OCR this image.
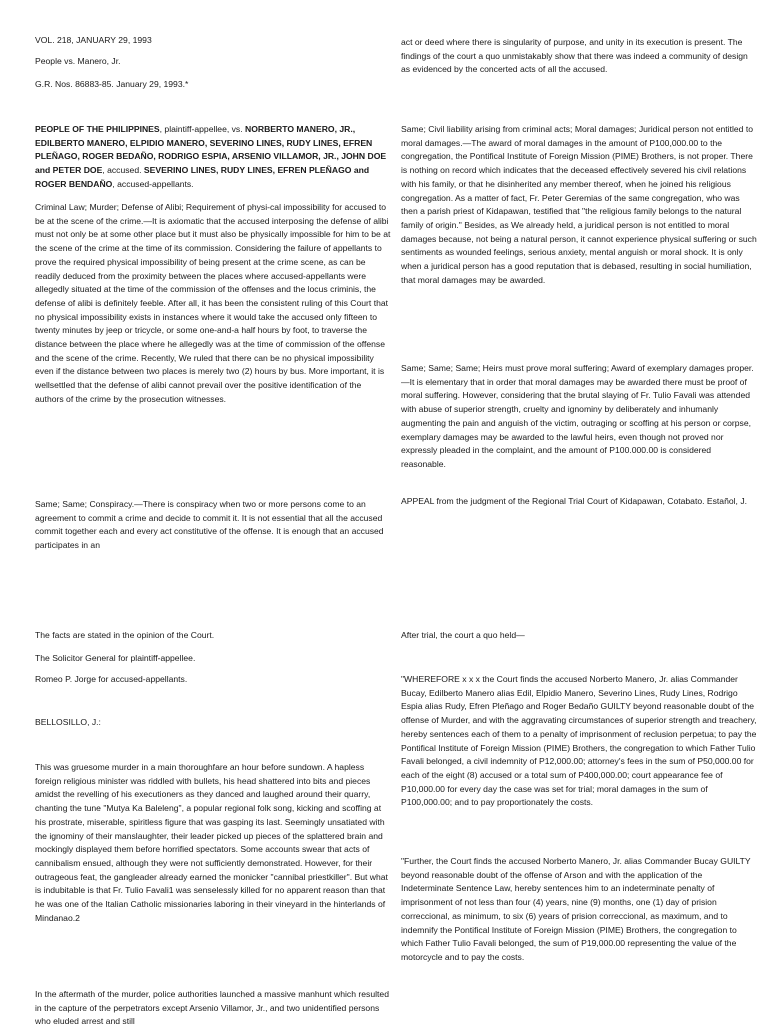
VOL. 218, JANUARY 29, 1993

People vs. Manero, Jr.

G.R. Nos. 86883-85. January 29, 1993.*

PEOPLE OF THE PHILIPPINES, plaintiff-appellee, vs. NORBERTO MANERO, JR., EDILBERTO MANERO, ELPIDIO MANERO, SEVERINO LINES, RUDY LINES, EFREN PLEÑAGO, ROGER BEDAÑO, RODRIGO ESPIA, ARSENIO VILLAMOR, JR., JOHN DOE and PETER DOE, accused. SEVERINO LINES, RUDY LINES, EFREN PLEÑAGO and ROGER BENDAÑO, accused-appellants.

Criminal Law; Murder; Defense of Alibi; Requirement of physi-cal impossibility for accused to be at the scene of the crime.—It is axiomatic that the accused interposing the defense of alibi must not only be at some other place but it must also be physically impossible for him to be at the scene of the crime at the time of its commission. Considering the failure of appellants to prove the required physical impossibility of being present at the crime scene, as can be readily deduced from the proximity between the places where accused-appellants were allegedly situated at the time of the commission of the offenses and the locus criminis, the defense of alibi is definitely feeble. After all, it has been the consistent ruling of this Court that no physical impossibility exists in instances where it would take the accused only fifteen to twenty minutes by jeep or tricycle, or some one-and-a half hours by foot, to traverse the distance between the place where he allegedly was at the time of commission of the offense and the scene of the crime. Recently, We ruled that there can be no physical impossibility even if the distance between two places is merely two (2) hours by bus. More important, it is wellsettled that the defense of alibi cannot prevail over the positive identification of the authors of the crime by the prosecution witnesses.

Same; Same; Conspiracy.—There is conspiracy when two or more persons come to an agreement to commit a crime and decide to commit it. It is not essential that all the accused commit together each and every act constitutive of the offense. It is enough that an accused participates in an

act or deed where there is singularity of purpose, and unity in its execution is present. The findings of the court a quo unmistakably show that there was indeed a community of design as evidenced by the concerted acts of all the accused.

Same; Civil liability arising from criminal acts; Moral damages; Juridical person not entitled to moral damages.—The award of moral damages in the amount of P100,000.00 to the congregation, the Pontifical Institute of Foreign Mission (PIME) Brothers, is not proper. There is nothing on record which indicates that the deceased effectively severed his civil relations with his family, or that he disinherited any member thereof, when he joined his religious congregation. As a matter of fact, Fr. Peter Geremias of the same congregation, who was then a parish priest of Kidapawan, testified that "the religious family belongs to the natural family of origin." Besides, as We already held, a juridical person is not entitled to moral damages because, not being a natural person, it cannot experience physical suffering or such sentiments as wounded feelings, serious anxiety, mental anguish or moral shock. It is only when a juridical person has a good reputation that is debased, resulting in social humiliation, that moral damages may be awarded.

Same; Same; Same; Heirs must prove moral suffering; Award of exemplary damages proper.—It is elementary that in order that moral damages may be awarded there must be proof of moral suffering. However, considering that the brutal slaying of Fr. Tulio Favali was attended with abuse of superior strength, cruelty and ignominy by deliberately and inhumanly augmenting the pain and anguish of the victim, outraging or scoffing at his person or corpse, exemplary damages may be awarded to the lawful heirs, even though not proved nor expressly pleaded in the complaint, and the amount of P100.000.00 is considered reasonable.

APPEAL from the judgment of the Regional Trial Court of Kidapawan, Cotabato. Estañol, J.

The facts are stated in the opinion of the Court.

The Solicitor General for plaintiff-appellee.

Romeo P. Jorge for accused-appellants.

BELLOSILLO, J.:

This was gruesome murder in a main thoroughfare an hour before sundown. A hapless foreign religious minister was riddled with bullets, his head shattered into bits and pieces amidst the revelling of his executioners as they danced and laughed around their quarry, chanting the tune "Mutya Ka Baleleng", a popular regional folk song, kicking and scoffing at his prostrate, miserable, spiritless figure that was gasping its last. Seemingly unsatiated with the ignominy of their manslaughter, their leader picked up pieces of the splattered brain and mockingly displayed them before horrified spectators. Some accounts swear that acts of cannibalism ensued, although they were not sufficiently demonstrated. However, for their outrageous feat, the gangleader already earned the monicker "cannibal priestkiller". But what is indubitable is that Fr. Tulio Favali1 was senselessly killed for no apparent reason than that he was one of the Italian Catholic missionaries laboring in their vineyard in the hinterlands of Mindanao.2

In the aftermath of the murder, police authorities launched a massive manhunt which resulted in the capture of the perpetrators except Arsenio Villamor, Jr., and two unidentified persons who eluded arrest and still

After trial, the court a quo held—

"WHEREFORE x x x the Court finds the accused Norberto Manero, Jr. alias Commander Bucay, Edilberto Manero alias Edil, Elpidio Manero, Severino Lines, Rudy Lines, Rodrigo Espia alias Rudy, Efren Pleñago and Roger Bedaño GUILTY beyond reasonable doubt of the offense of Murder, and with the aggravating circumstances of superior strength and treachery, hereby sentences each of them to a penalty of imprisonment of reclusion perpetua; to pay the Pontifical Institute of Foreign Mission (PIME) Brothers, the congregation to which Father Tulio Favali belonged, a civil indemnity of P12,000.00; attorney's fees in the sum of P50,000.00 for each of the eight (8) accused or a total sum of P400,000.00; court appearance fee of P10,000.00 for every day the case was set for trial; moral damages in the sum of P100,000.00; and to pay proportionately the costs.

"Further, the Court finds the accused Norberto Manero, Jr. alias Commander Bucay GUILTY beyond reasonable doubt of the offense of Arson and with the application of the Indeterminate Sentence Law, hereby sentences him to an indeterminate penalty of imprisonment of not less than four (4) years, nine (9) months, one (1) day of prision correccional, as minimum, to six (6) years of prision correccional, as maximum, and to indemnify the Pontifical Institute of Foreign Mission (PIME) Brothers, the congregation to which Father Tulio Favali belonged, the sum of P19,000.00 representing the value of the motorcycle and to pay the costs.
